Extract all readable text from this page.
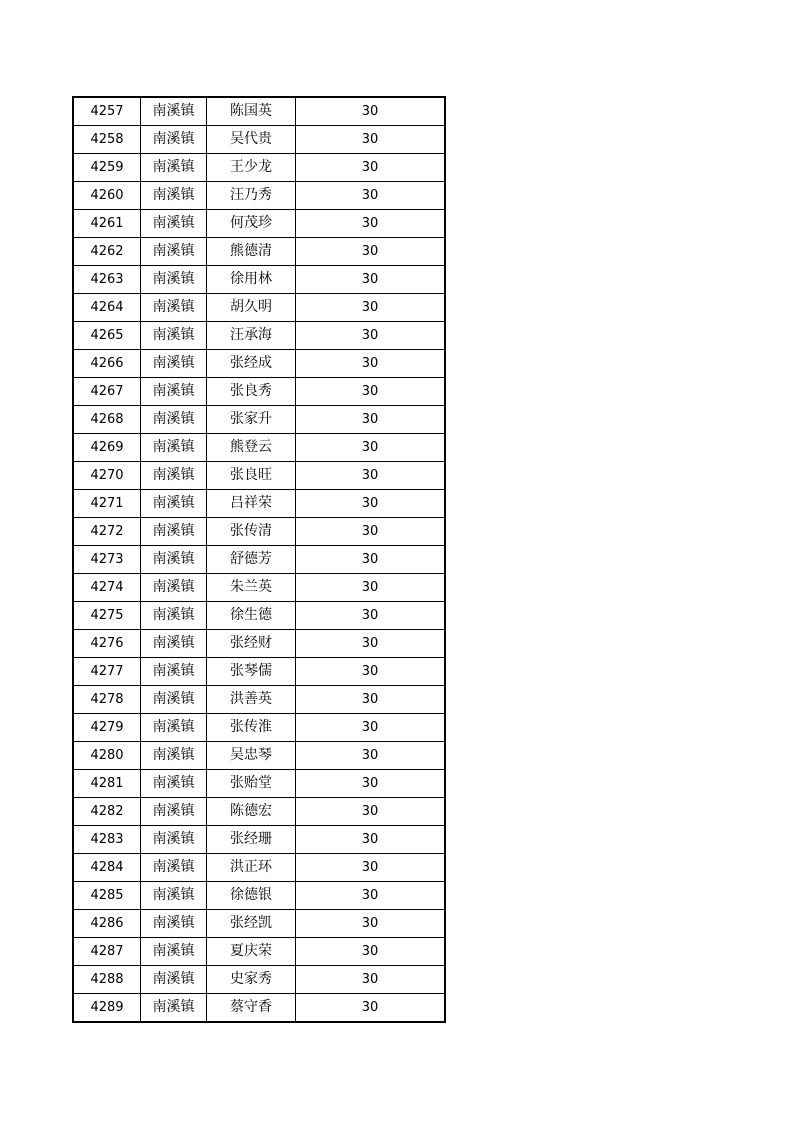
4257	南溪镇	陈国英	30
4258	南溪镇	吴代贵	30
4259	南溪镇	王少龙	30
4260	南溪镇	汪乃秀	30
4261	南溪镇	何茂珍	30
4262	南溪镇	熊德清	30
4263	南溪镇	徐用林	30
4264	南溪镇	胡久明	30
4265	南溪镇	汪承海	30
4266	南溪镇	张经成	30
4267	南溪镇	张良秀	30
4268	南溪镇	张家升	30
4269	南溪镇	熊登云	30
4270	南溪镇	张良旺	30
4271	南溪镇	吕祥荣	30
4272	南溪镇	张传清	30
4273	南溪镇	舒德芳	30
4274	南溪镇	朱兰英	30
4275	南溪镇	徐生德	30
4276	南溪镇	张经财	30
4277	南溪镇	张琴儒	30
4278	南溪镇	洪善英	30
4279	南溪镇	张传淮	30
4280	南溪镇	吴忠琴	30
4281	南溪镇	张贻堂	30
4282	南溪镇	陈德宏	30
4283	南溪镇	张经珊	30
4284	南溪镇	洪正环	30
4285	南溪镇	徐德银	30
4286	南溪镇	张经凯	30
4287	南溪镇	夏庆荣	30
4288	南溪镇	史家秀	30
4289	南溪镇	蔡守香	30
